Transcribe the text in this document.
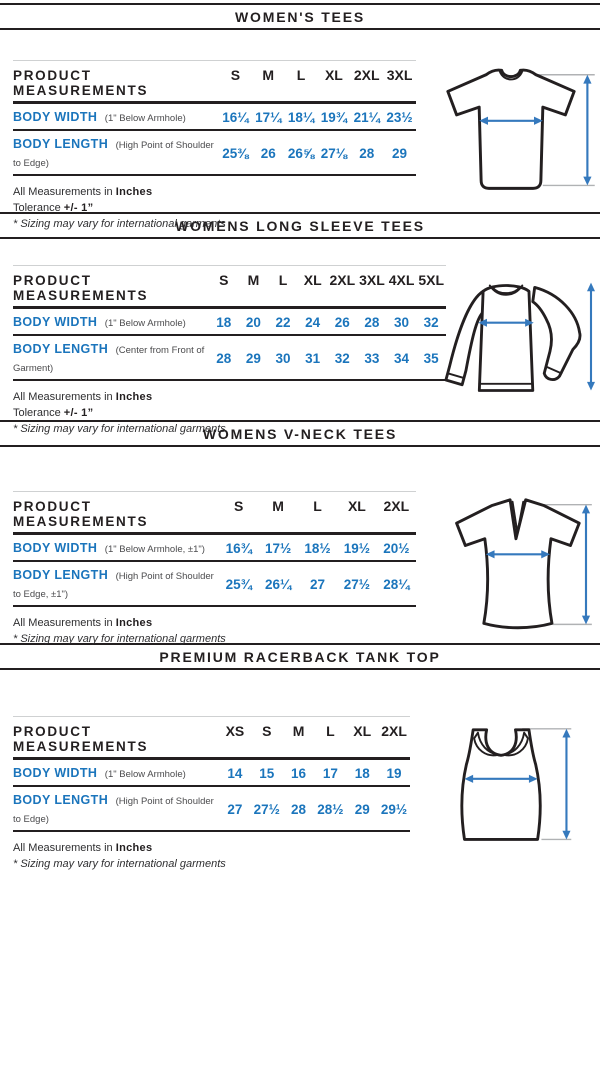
WOMEN'S TEES
PRODUCT MEASUREMENTS
S	M	L	XL 2XL 3XL
BODY WIDTH (1" Below Armhole)	16¼ 17¼ 18¼ 19¾ 21¼ 23½
BODY LENGTH (High Point of Shoulder to Edge)
25⅜ 26 26⅝ 27⅛ 28	29
All Measurements in Inches
Tolerance +/- 1”
* Sizing may vary for international garments
WOMENS LONG SLEEVE TEES
PRODUCT MEASUREMENTS
S	M	L	XL 2XL 3XL 4XL 5XL
BODY WIDTH (1" Below Armhole)	18	20	22	24	26	28	30	32
BODY LENGTH (Center from Front of Garment)
28	29	30	31	32	33	34	35
All Measurements in Inches
Tolerance +/- 1”
* Sizing may vary for international garments
WOMENS V-NECK TEES
PRODUCT MEASUREMENTS
S	M	L	XL	2XL
BODY WIDTH (1" Below Armhole, ±1")	16¾ 17½ 18½ 19½ 20½
BODY LENGTH (High Point of Shoulder to Edge, ±1")
25¾ 26¼	27	27½ 28¼
All Measurements in Inches
* Sizing may vary for international garments
PREMIUM RACERBACK TANK TOP
PRODUCT MEASUREMENTS
XS	S	M	L	XL 2XL
BODY WIDTH (1" Below Armhole)	14	15	16	17	18	19
BODY LENGTH (High Point of Shoulder to Edge)
27 27½ 28 28½ 29 29½
All Measurements in Inches
* Sizing may vary for international garments
